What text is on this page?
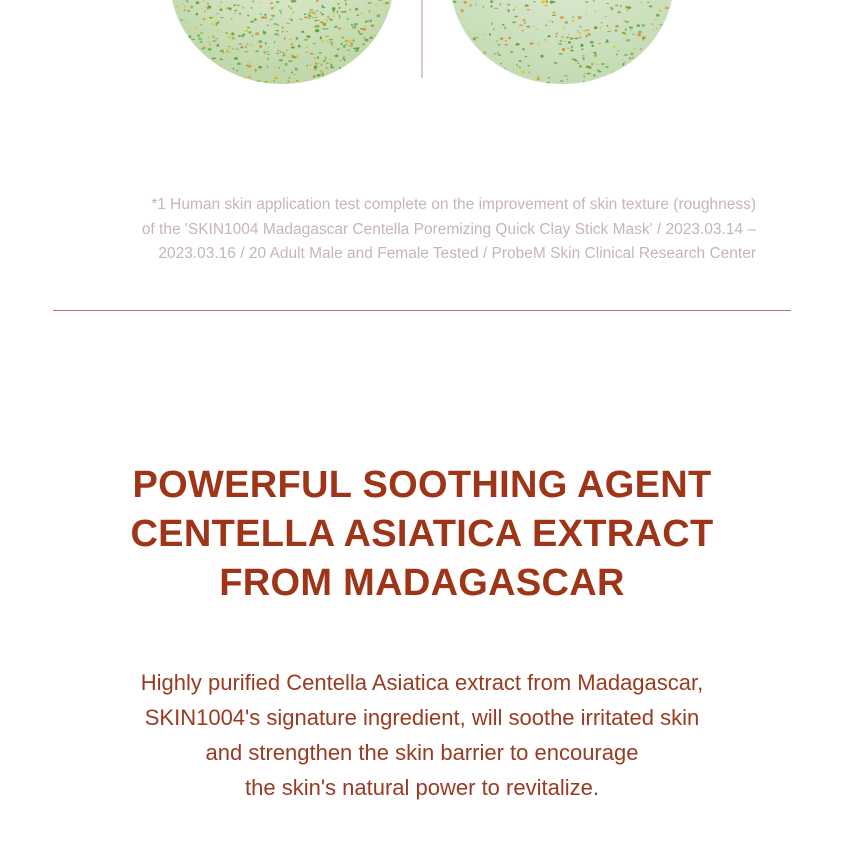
*1 Human skin application test complete on the improvement of skin texture (roughness)

of the 'SKIN1004 Madagascar Centella Poremizing Quick Clay Stick Mask' / 2023.03.14 –

2023.03.16 / 20 Adult Male and Female Tested / ProbeM Skin Clinical Research Center

POWERFUL SOOTHING AGENT
CENTELLA ASIATICA EXTRACT
FROM MADAGASCAR

Highly purified Centella Asiatica extract from Madagascar,

SKIN1004's signature ingredient, will soothe irritated skin

and strengthen the skin barrier to encourage

the skin's natural power to revitalize.
